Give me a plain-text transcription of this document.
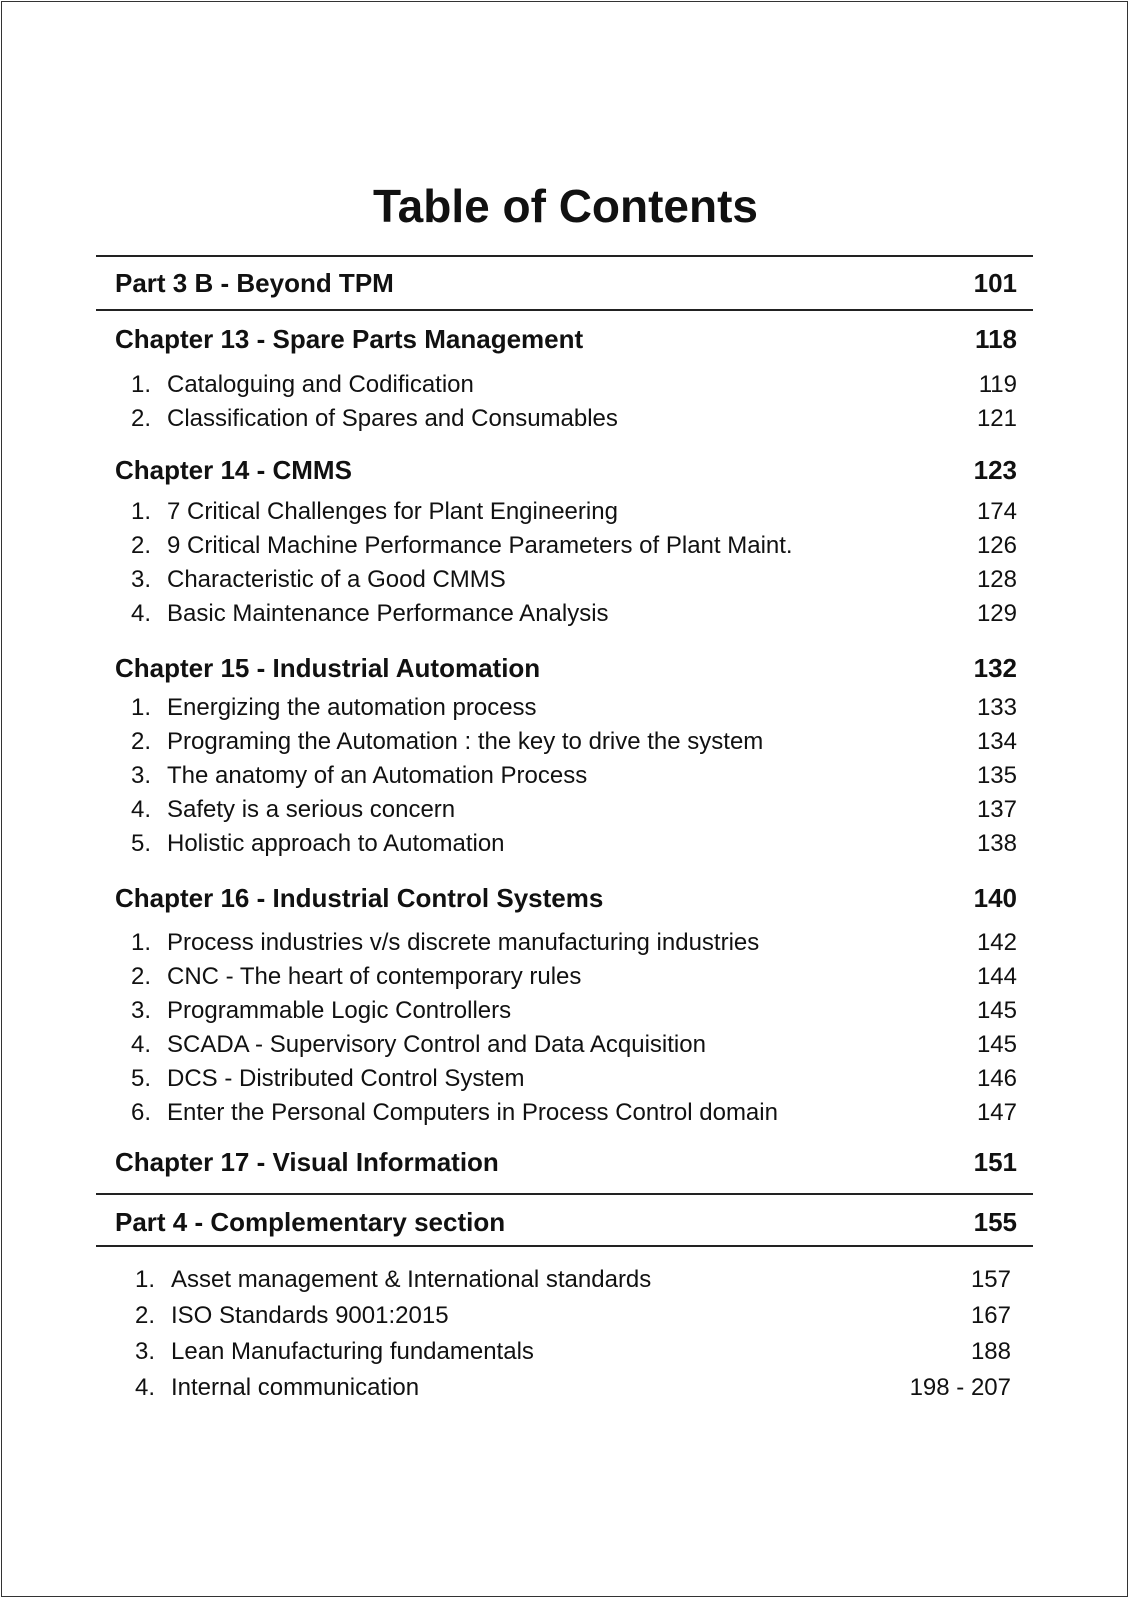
Table of Contents
Part 3 B - Beyond TPM	101
Chapter 13 - Spare Parts Management	118
1. Cataloguing and Codification	119
2. Classification of Spares and Consumables	121
Chapter 14 - CMMS	123
1. 7 Critical Challenges for Plant Engineering	174
2. 9 Critical Machine Performance Parameters of Plant Maint.	126
3. Characteristic of a Good CMMS	128
4. Basic Maintenance Performance Analysis	129
Chapter 15 - Industrial Automation	132
1. Energizing the automation process	133
2. Programing the Automation : the key to drive the system	134
3. The anatomy of an Automation Process	135
4. Safety is a serious concern	137
5. Holistic approach to Automation	138
Chapter 16 - Industrial Control Systems	140
1. Process industries v/s discrete manufacturing industries	142
2. CNC - The heart of contemporary rules	144
3. Programmable Logic Controllers	145
4. SCADA - Supervisory Control and Data Acquisition	145
5. DCS - Distributed Control System	146
6. Enter the Personal Computers in Process Control domain	147
Chapter 17 - Visual Information	151
Part 4 - Complementary section	155
1. Asset management & International standards	157
2. ISO Standards 9001:2015	167
3. Lean Manufacturing fundamentals	188
4. Internal communication	198 - 207
